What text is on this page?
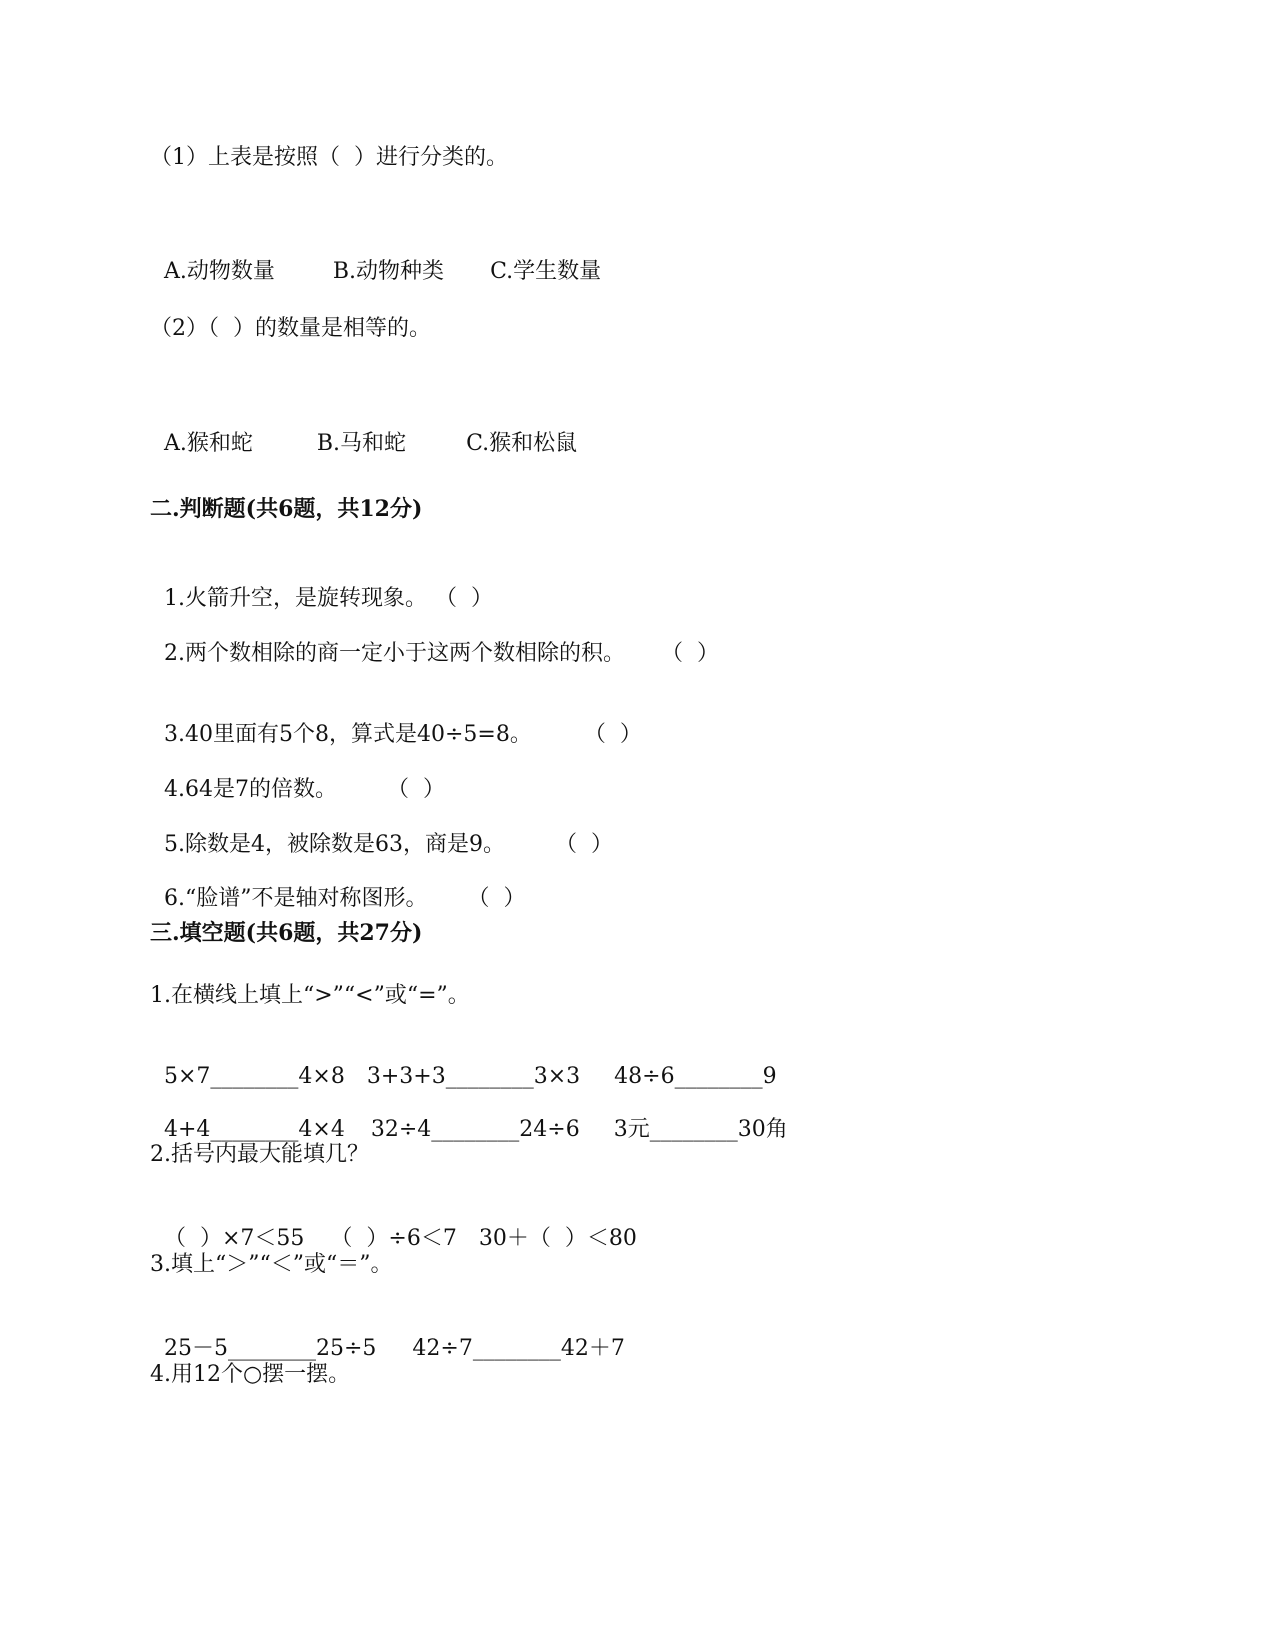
（1）上表是按照（  ）进行分类的。

A.动物数量	B.动物种类 C.学生数量

（2）（  ）的数量是相等的。

A.猴和蛇	B.马和蛇	C.猴和松鼠

二.判断题(共6题，共12分)

1.火箭升空，是旋转现象。 （  ）

2.两个数相除的商一定小于这两个数相除的积。 （  ）

3.40里面有5个8，算式是40÷5=8。 （  ）

4.64是7的倍数。 （  ）

5.除数是4，被除数是63，商是9。 （  ）

6.“脸谱”不是轴对称图形。 （  ）

三.填空题(共6题，共27分)
1.在横线上填上“>”“<”或“=”。

5×7________4×8 3+3+3________3×3 48÷6________9

4+4________4×4 32÷4________24÷6 3元________30角

2.括号内最大能填几？

（  ）×7＜55 （  ）÷6＜7 30＋（  ）＜80

3.填上“＞”“＜”或“＝”。

25－5________25÷5 42÷7________42＋7

4.用12个○摆一摆。
